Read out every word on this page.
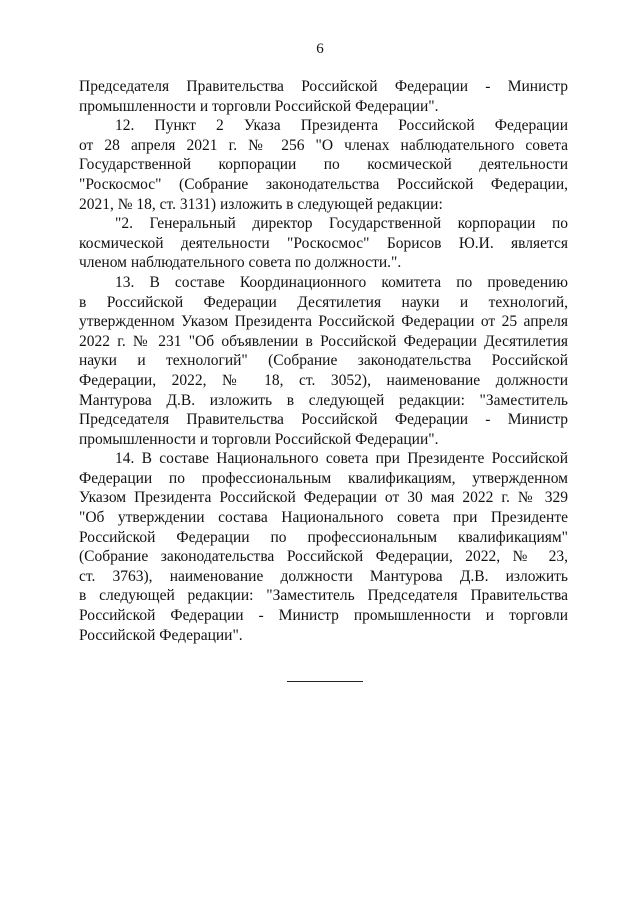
6
Председателя Правительства Российской Федерации - Министр
промышленности и торговли Российской Федерации".
12. Пункт 2 Указа Президента Российской Федерации
от 28 апреля 2021 г. № 256 "О членах наблюдательного совета
Государственной корпорации по космической деятельности
"Роскосмос" (Собрание законодательства Российской Федерации,
2021, № 18, ст. 3131) изложить в следующей редакции:
"2. Генеральный директор Государственной корпорации по
космической деятельности "Роскосмос" Борисов Ю.И. является
членом наблюдательного совета по должности.".
13. В составе Координационного комитета по проведению
в Российской Федерации Десятилетия науки и технологий,
утвержденном Указом Президента Российской Федерации от 25 апреля
2022 г. № 231 "Об объявлении в Российской Федерации Десятилетия
науки и технологий" (Собрание законодательства Российской
Федерации, 2022, № 18, ст. 3052), наименование должности
Мантурова Д.В. изложить в следующей редакции: "Заместитель
Председателя Правительства Российской Федерации - Министр
промышленности и торговли Российской Федерации".
14. В составе Национального совета при Президенте Российской
Федерации по профессиональным квалификациям, утвержденном
Указом Президента Российской Федерации от 30 мая 2022 г. № 329
"Об утверждении состава Национального совета при Президенте
Российской Федерации по профессиональным квалификациям"
(Собрание законодательства Российской Федерации, 2022, № 23,
ст. 3763), наименование должности Мантурова Д.В. изложить
в следующей редакции: "Заместитель Председателя Правительства
Российской Федерации - Министр промышленности и торговли
Российской Федерации".
